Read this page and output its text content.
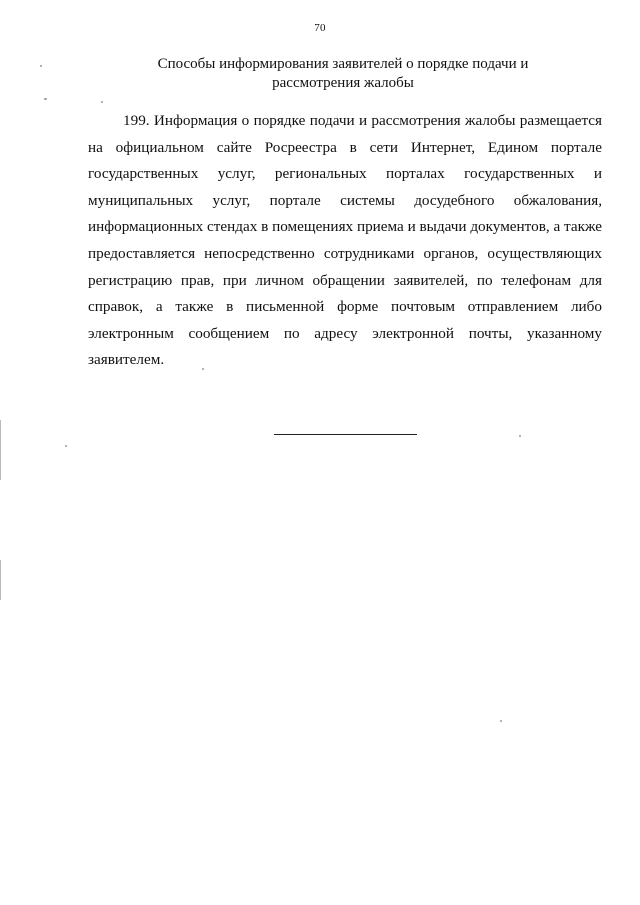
70
Способы информирования заявителей о порядке подачи и
рассмотрения жалобы
199. Информация о порядке подачи и рассмотрения жалобы размещается
на официальном сайте Росреестра в сети Интернет, Едином портале
государственных услуг, региональных порталах государственных и
муниципальных услуг, портале системы досудебного обжалования,
информационных стендах в помещениях приема и выдачи документов, а также
предоставляется непосредственно сотрудниками органов, осуществляющих
регистрацию прав, при личном обращении заявителей, по телефонам для
справок, а также в письменной форме почтовым отправлением либо
электронным сообщением по адресу электронной почты, указанному
заявителем.
